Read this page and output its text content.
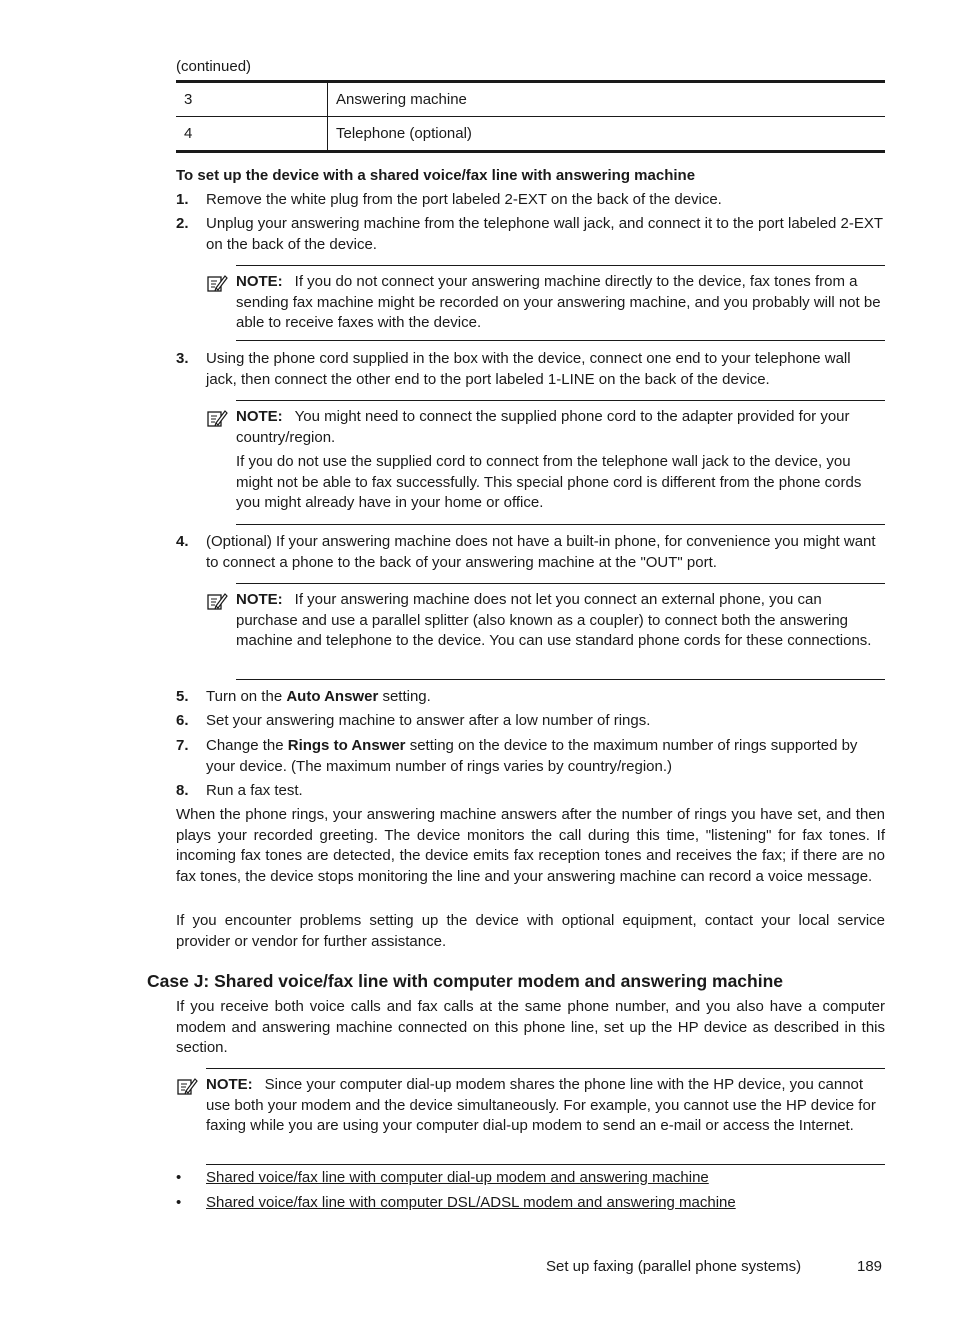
(continued)
3	Answering machine
4	Telephone (optional)
To set up the device with a shared voice/fax line with answering machine
1.	Remove the white plug from the port labeled 2-EXT on the back of the device.
2.	Unplug your answering machine from the telephone wall jack, and connect it to the port labeled 2-EXT on the back of the device.

NOTE: If you do not connect your answering machine directly to the device, fax tones from a sending fax machine might be recorded on your answering machine, and you probably will not be able to receive faxes with the device.

3.	Using the phone cord supplied in the box with the device, connect one end to your telephone wall jack, then connect the other end to the port labeled 1-LINE on the back of the device.

NOTE: You might need to connect the supplied phone cord to the adapter provided for your country/region.

If you do not use the supplied cord to connect from the telephone wall jack to the device, you might not be able to fax successfully. This special phone cord is different from the phone cords you might already have in your home or office.

4.	(Optional) If your answering machine does not have a built-in phone, for convenience you might want to connect a phone to the back of your answering machine at the "OUT" port.

NOTE: If your answering machine does not let you connect an external phone, you can purchase and use a parallel splitter (also known as a coupler) to connect both the answering machine and telephone to the device. You can use standard phone cords for these connections.

5.	Turn on the Auto Answer setting.
6.	Set your answering machine to answer after a low number of rings.
7.	Change the Rings to Answer setting on the device to the maximum number of rings supported by your device. (The maximum number of rings varies by country/region.)
8.	Run a fax test.

When the phone rings, your answering machine answers after the number of rings you have set, and then plays your recorded greeting. The device monitors the call during this time, "listening" for fax tones. If incoming fax tones are detected, the device emits fax reception tones and receives the fax; if there are no fax tones, the device stops monitoring the line and your answering machine can record a voice message.

If you encounter problems setting up the device with optional equipment, contact your local service provider or vendor for further assistance.

Case J: Shared voice/fax line with computer modem and answering machine

If you receive both voice calls and fax calls at the same phone number, and you also have a computer modem and answering machine connected on this phone line, set up the HP device as described in this section.

NOTE: Since your computer dial-up modem shares the phone line with the HP device, you cannot use both your modem and the device simultaneously. For example, you cannot use the HP device for faxing while you are using your computer dial-up modem to send an e-mail or access the Internet.

• Shared voice/fax line with computer dial-up modem and answering machine
• Shared voice/fax line with computer DSL/ADSL modem and answering machine
Set up faxing (parallel phone systems)	189
